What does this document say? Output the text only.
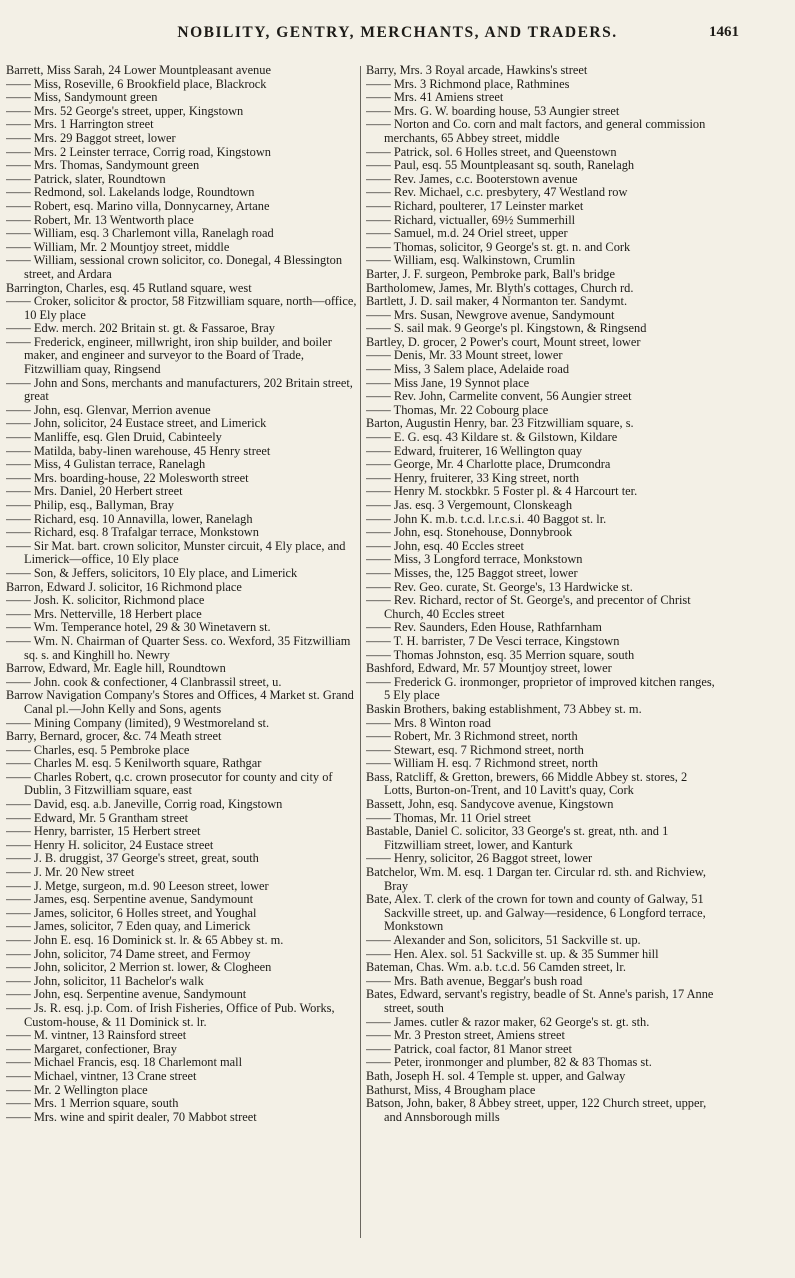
NOBILITY, GENTRY, MERCHANTS, AND TRADERS.	1461
Barrett, Miss Sarah, 24 Lower Mountpleasant avenue
—— Miss, Roseville, 6 Brookfield place, Blackrock
—— Miss, Sandymount green
—— Mrs. 52 George's street, upper, Kingstown
—— Mrs. 1 Harrington street
—— Mrs. 29 Baggot street, lower
—— Mrs. 2 Leinster terrace, Corrig road, Kingstown
—— Mrs. Thomas, Sandymount green
—— Patrick, slater, Roundtown
—— Redmond, sol. Lakelands lodge, Roundtown
—— Robert, esq. Marino villa, Donnycarney, Artane
—— Robert, Mr. 13 Wentworth place
—— William, esq. 3 Charlemont villa, Ranelagh road
—— William, Mr. 2 Mountjoy street, middle
—— William, sessional crown solicitor, co. Donegal, 4 Blessington street, and Ardara
Barrington, Charles, esq. 45 Rutland square, west
—— Croker, solicitor & proctor, 58 Fitzwilliam square, north—office, 10 Ely place
—— Edw. merch. 202 Britain st. gt. & Fassaroe, Bray
—— Frederick, engineer, millwright, iron ship builder, and boiler maker, and engineer and surveyor to the Board of Trade, Fitzwilliam quay, Ringsend
—— John and Sons, merchants and manufacturers, 202 Britain street, great
—— John, esq. Glenvar, Merrion avenue
—— John, solicitor, 24 Eustace street, and Limerick
—— Manliffe, esq. Glen Druid, Cabinteely
—— Matilda, baby-linen warehouse, 45 Henry street
—— Miss, 4 Gulistan terrace, Ranelagh
—— Mrs. boarding-house, 22 Molesworth street
—— Mrs. Daniel, 20 Herbert street
—— Philip, esq., Ballyman, Bray
—— Richard, esq. 10 Annavilla, lower, Ranelagh
—— Richard, esq. 8 Trafalgar terrace, Monkstown
—— Sir Mat. bart. crown solicitor, Munster circuit, 4 Ely place, and Limerick—office, 10 Ely place
—— Son, & Jeffers, solicitors, 10 Ely place, and Limerick
Barron, Edward J. solicitor, 16 Richmond place
—— Josh. K. solicitor, Richmond place
—— Mrs. Netterville, 18 Herbert place
—— Wm. Temperance hotel, 29 & 30 Winetavern st.
—— Wm. N. Chairman of Quarter Sess. co. Wexford, 35 Fitzwilliam sq. s. and Kinghill ho. Newry
Barrow, Edward, Mr. Eagle hill, Roundtown
—— John. cook & confectioner, 4 Clanbrassil street, u.
Barrow Navigation Company's Stores and Offices, 4 Market st. Grand Canal pl.—John Kelly and Sons, agents
—— Mining Company (limited), 9 Westmoreland st.
Barry, Bernard, grocer, &c. 74 Meath street
—— Charles, esq. 5 Pembroke place
—— Charles M. esq. 5 Kenilworth square, Rathgar
—— Charles Robert, q.c. crown prosecutor for county and city of Dublin, 3 Fitzwilliam square, east
—— David, esq. a.b. Janeville, Corrig road, Kingstown
—— Edward, Mr. 5 Grantham street
—— Henry, barrister, 15 Herbert street
—— Henry H. solicitor, 24 Eustace street
—— J. B. druggist, 37 George's street, great, south
—— J. Mr. 20 New street
—— J. Metge, surgeon, m.d. 90 Leeson street, lower
—— James, esq. Serpentine avenue, Sandymount
—— James, solicitor, 6 Holles street, and Youghal
—— James, solicitor, 7 Eden quay, and Limerick
—— John E. esq. 16 Dominick st. lr. & 65 Abbey st. m.
—— John, solicitor, 74 Dame street, and Fermoy
—— John, solicitor, 2 Merrion st. lower, & Clogheen
—— John, solicitor, 11 Bachelor's walk
—— John, esq. Serpentine avenue, Sandymount
—— Js. R. esq. j.p. Com. of Irish Fisheries, Office of Pub. Works, Custom-house, & 11 Dominick st. lr.
—— M. vintner, 13 Rainsford street
—— Margaret, confectioner, Bray
—— Michael Francis, esq. 18 Charlemont mall
—— Michael, vintner, 13 Crane street
—— Mr. 2 Wellington place
—— Mrs. 1 Merrion square, south
—— Mrs. wine and spirit dealer, 70 Mabbot street
Barry, Mrs. 3 Royal arcade, Hawkins's street
—— Mrs. 3 Richmond place, Rathmines
—— Mrs. 41 Amiens street
—— Mrs. G. W. boarding house, 53 Aungier street
—— Norton and Co. corn and malt factors, and general commission merchants, 65 Abbey street, middle
—— Patrick, sol. 6 Holles street, and Queenstown
—— Paul, esq. 55 Mountpleasant sq. south, Ranelagh
—— Rev. James, c.c. Booterstown avenue
—— Rev. Michael, c.c. presbytery, 47 Westland row
—— Richard, poulterer, 17 Leinster market
—— Richard, victualler, 69½ Summerhill
—— Samuel, m.d. 24 Oriel street, upper
—— Thomas, solicitor, 9 George's st. gt. n. and Cork
—— William, esq. Walkinstown, Crumlin
Barter, J. F. surgeon, Pembroke park, Ball's bridge
Bartholomew, James, Mr. Blyth's cottages, Church rd.
Bartlett, J. D. sail maker, 4 Normanton ter. Sandymt.
—— Mrs. Susan, Newgrove avenue, Sandymount
—— S. sail mak. 9 George's pl. Kingstown, & Ringsend
Bartley, D. grocer, 2 Power's court, Mount street, lower
—— Denis, Mr. 33 Mount street, lower
—— Miss, 3 Salem place, Adelaide road
—— Miss Jane, 19 Synnot place
—— Rev. John, Carmelite convent, 56 Aungier street
—— Thomas, Mr. 22 Cobourg place
Barton, Augustin Henry, bar. 23 Fitzwilliam square, s.
—— E. G. esq. 43 Kildare st. & Gilstown, Kildare
—— Edward, fruiterer, 16 Wellington quay
—— George, Mr. 4 Charlotte place, Drumcondra
—— Henry, fruiterer, 33 King street, north
—— Henry M. stockbkr. 5 Foster pl. & 4 Harcourt ter.
—— Jas. esq. 3 Vergemount, Clonskeagh
—— John K. m.b. t.c.d. l.r.c.s.i. 40 Baggot st. lr.
—— John, esq. Stonehouse, Donnybrook
—— John, esq. 40 Eccles street
—— Miss, 3 Longford terrace, Monkstown
—— Misses, the, 125 Baggot street, lower
—— Rev. Geo. curate, St. George's, 13 Hardwicke st.
—— Rev. Richard, rector of St. George's, and precentor of Christ Church, 40 Eccles street
—— Rev. Saunders, Eden House, Rathfarnham
—— T. H. barrister, 7 De Vesci terrace, Kingstown
—— Thomas Johnston, esq. 35 Merrion square, south
Bashford, Edward, Mr. 57 Mountjoy street, lower
—— Frederick G. ironmonger, proprietor of improved kitchen ranges, 5 Ely place
Baskin Brothers, baking establishment, 73 Abbey st. m.
—— Mrs. 8 Winton road
—— Robert, Mr. 3 Richmond street, north
—— Stewart, esq. 7 Richmond street, north
—— William H. esq. 7 Richmond street, north
Bass, Ratcliff, & Gretton, brewers, 66 Middle Abbey st. stores, 2 Lotts, Burton-on-Trent, and 10 Lavitt's quay, Cork
Bassett, John, esq. Sandycove avenue, Kingstown
—— Thomas, Mr. 11 Oriel street
Bastable, Daniel C. solicitor, 33 George's st. great, nth. and 1 Fitzwilliam street, lower, and Kanturk
—— Henry, solicitor, 26 Baggot street, lower
Batchelor, Wm. M. esq. 1 Dargan ter. Circular rd. sth. and Richview, Bray
Bate, Alex. T. clerk of the crown for town and county of Galway, 51 Sackville street, up. and Galway—residence, 6 Longford terrace, Monkstown
—— Alexander and Son, solicitors, 51 Sackville st. up.
—— Hen. Alex. sol. 51 Sackville st. up. & 35 Summer hill
Bateman, Chas. Wm. a.b. t.c.d. 56 Camden street, lr.
—— Mrs. Bath avenue, Beggar's bush road
Bates, Edward, servant's registry, beadle of St. Anne's parish, 17 Anne street, south
—— James. cutler & razor maker, 62 George's st. gt. sth.
—— Mr. 3 Preston street, Amiens street
—— Patrick, coal factor, 81 Manor street
—— Peter, ironmonger and plumber, 82 & 83 Thomas st.
Bath, Joseph H. sol. 4 Temple st. upper, and Galway
Bathurst, Miss, 4 Brougham place
Batson, John, baker, 8 Abbey street, upper, 122 Church street, upper, and Annsborough mills
